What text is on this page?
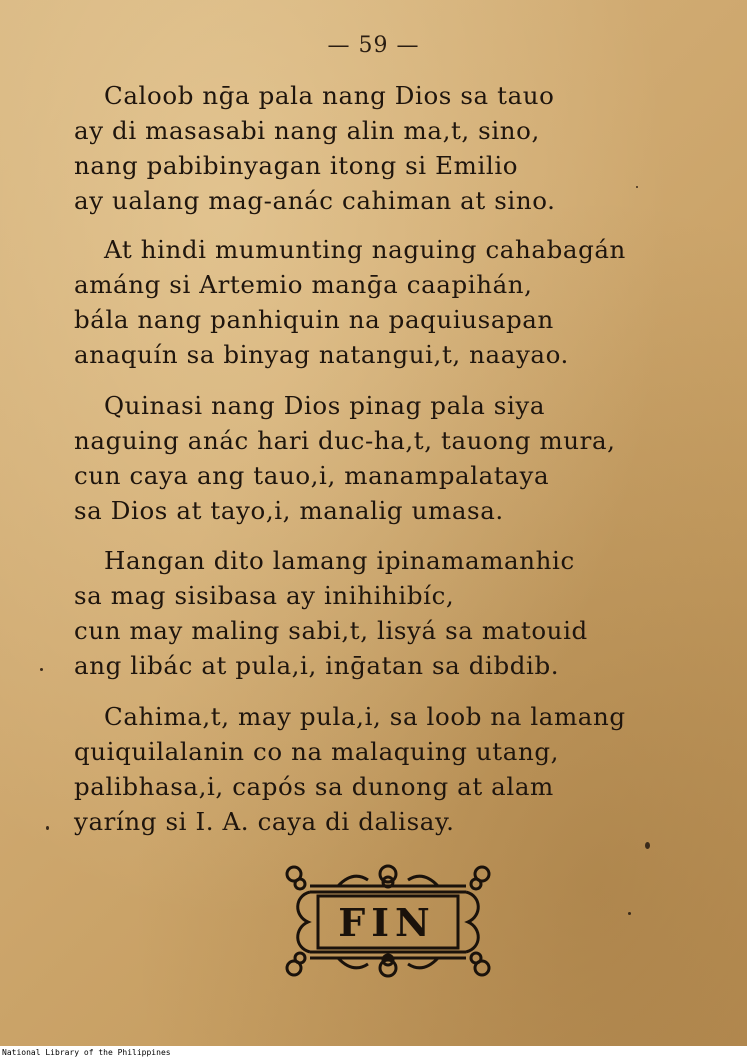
— 59 —
Caloob nḡa pala nang Dios sa tauo
ay di masasabi nang alin ma,t, sino,
nang pabibinyagan itong si Emilio
ay ualang mag-anác cahiman at sino.
At hindi mumunting naguing cahabagán
amáng si Artemio manḡa caapihán,
bála nang panhiquin na paquiusapan
anaquín sa binyag natangui,t, naayao.
Quinasi nang Dios pinag pala siya
naguing anác hari duc-ha,t, tauong mura,
cun caya ang tauo,i, manampalataya
sa Dios at tayo,i, manalig umasa.
Hangan dito lamang ipinamamanhic
sa mag sisibasa ay inihihibíc,
cun may maling sabi,t, lisyá sa matouid
ang libác at pula,i, inḡatan sa dibdib.
Cahima,t, may pula,i, sa loob na lamang
quiquilalanin co na malaquing utang,
palibhasa,i, capós sa dunong at alam
yaríng si I. A. caya di dalisay.
FIN
National Library of the Philippines
